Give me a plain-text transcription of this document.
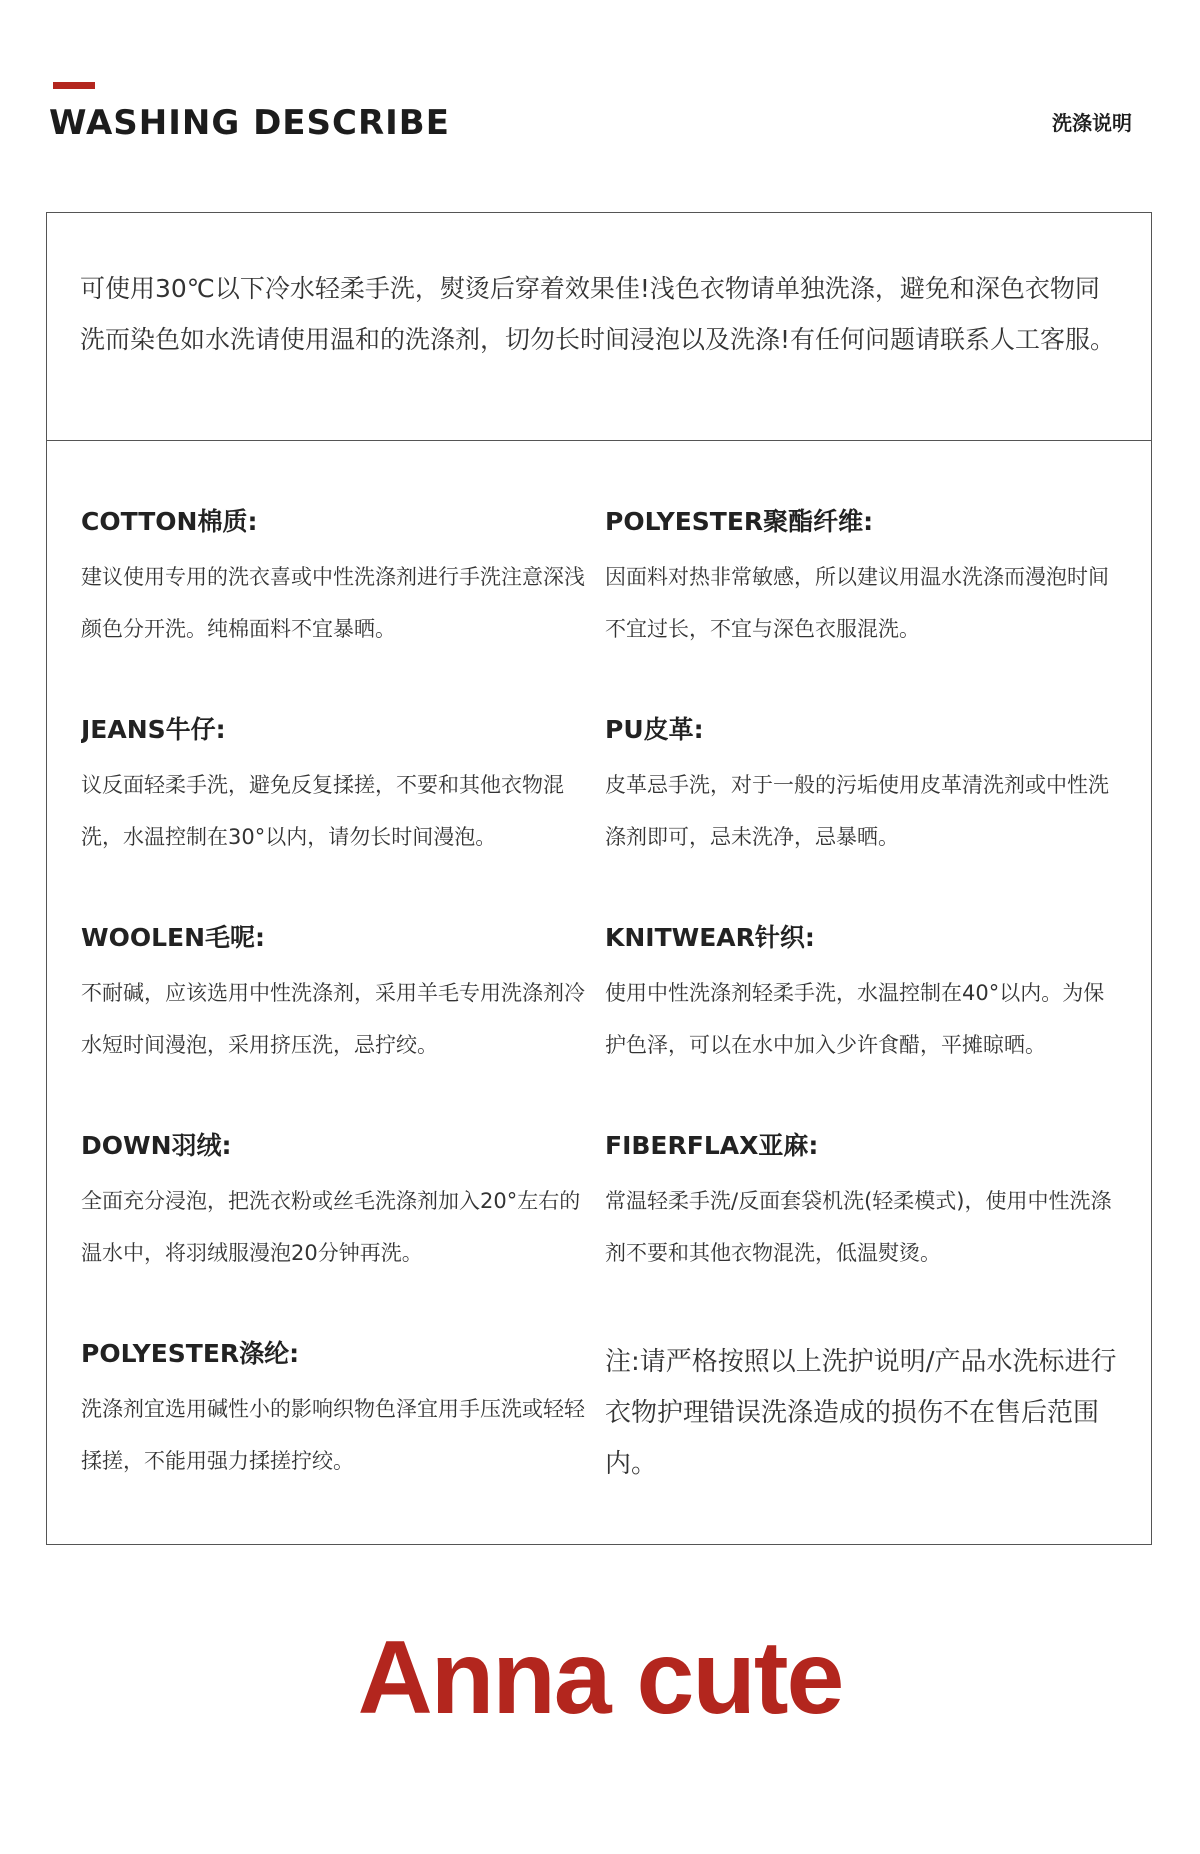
WASHING DESCRIBE	洗涤说明

可使用30℃以下冷水轻柔手洗，熨烫后穿着效果佳!浅色衣物请单独洗涤，避免和深色衣物同洗而染色如水洗请使用温和的洗涤剂，切勿长时间浸泡以及洗涤!有任何问题请联系人工客服。

COTTON棉质:

建议使用专用的洗衣喜或中性洗涤剂进行手洗注意深浅颜色分开洗。纯棉面料不宜暴晒。

POLYESTER聚酯纤维:

因面料对热非常敏感，所以建议用温水洗涤而漫泡时间不宜过长，不宜与深色衣服混洗。

JEANS牛仔:

议反面轻柔手洗，避免反复揉搓，不要和其他衣物混洗，水温控制在30°以内，请勿长时间漫泡。

PU皮革:

皮革忌手洗，对于一般的污垢使用皮革清洗剂或中性洗涤剂即可，忌未洗净，忌暴晒。

WOOLEN毛呢:

不耐碱，应该选用中性洗涤剂，采用羊毛专用洗涤剂冷水短时间漫泡，采用挤压洗，忌拧绞。

KNITWEAR针织:

使用中性洗涤剂轻柔手洗，水温控制在40°以内。为保护色泽，可以在水中加入少许食醋，平摊晾晒。

DOWN羽绒:

全面充分浸泡，把洗衣粉或丝毛洗涤剂加入20°左右的温水中，将羽绒服漫泡20分钟再洗。

FIBERFLAX亚麻:

常温轻柔手洗/反面套袋机洗(轻柔模式)，使用中性洗涤剂不要和其他衣物混洗，低温熨烫。

POLYESTER涤纶:

洗涤剂宜选用碱性小的影响织物色泽宜用手压洗或轻轻揉搓，不能用强力揉搓拧绞。

注:请严格按照以上洗护说明/产品水洗标进行衣物护理错误洗涤造成的损伤不在售后范围内。

Anna cute
